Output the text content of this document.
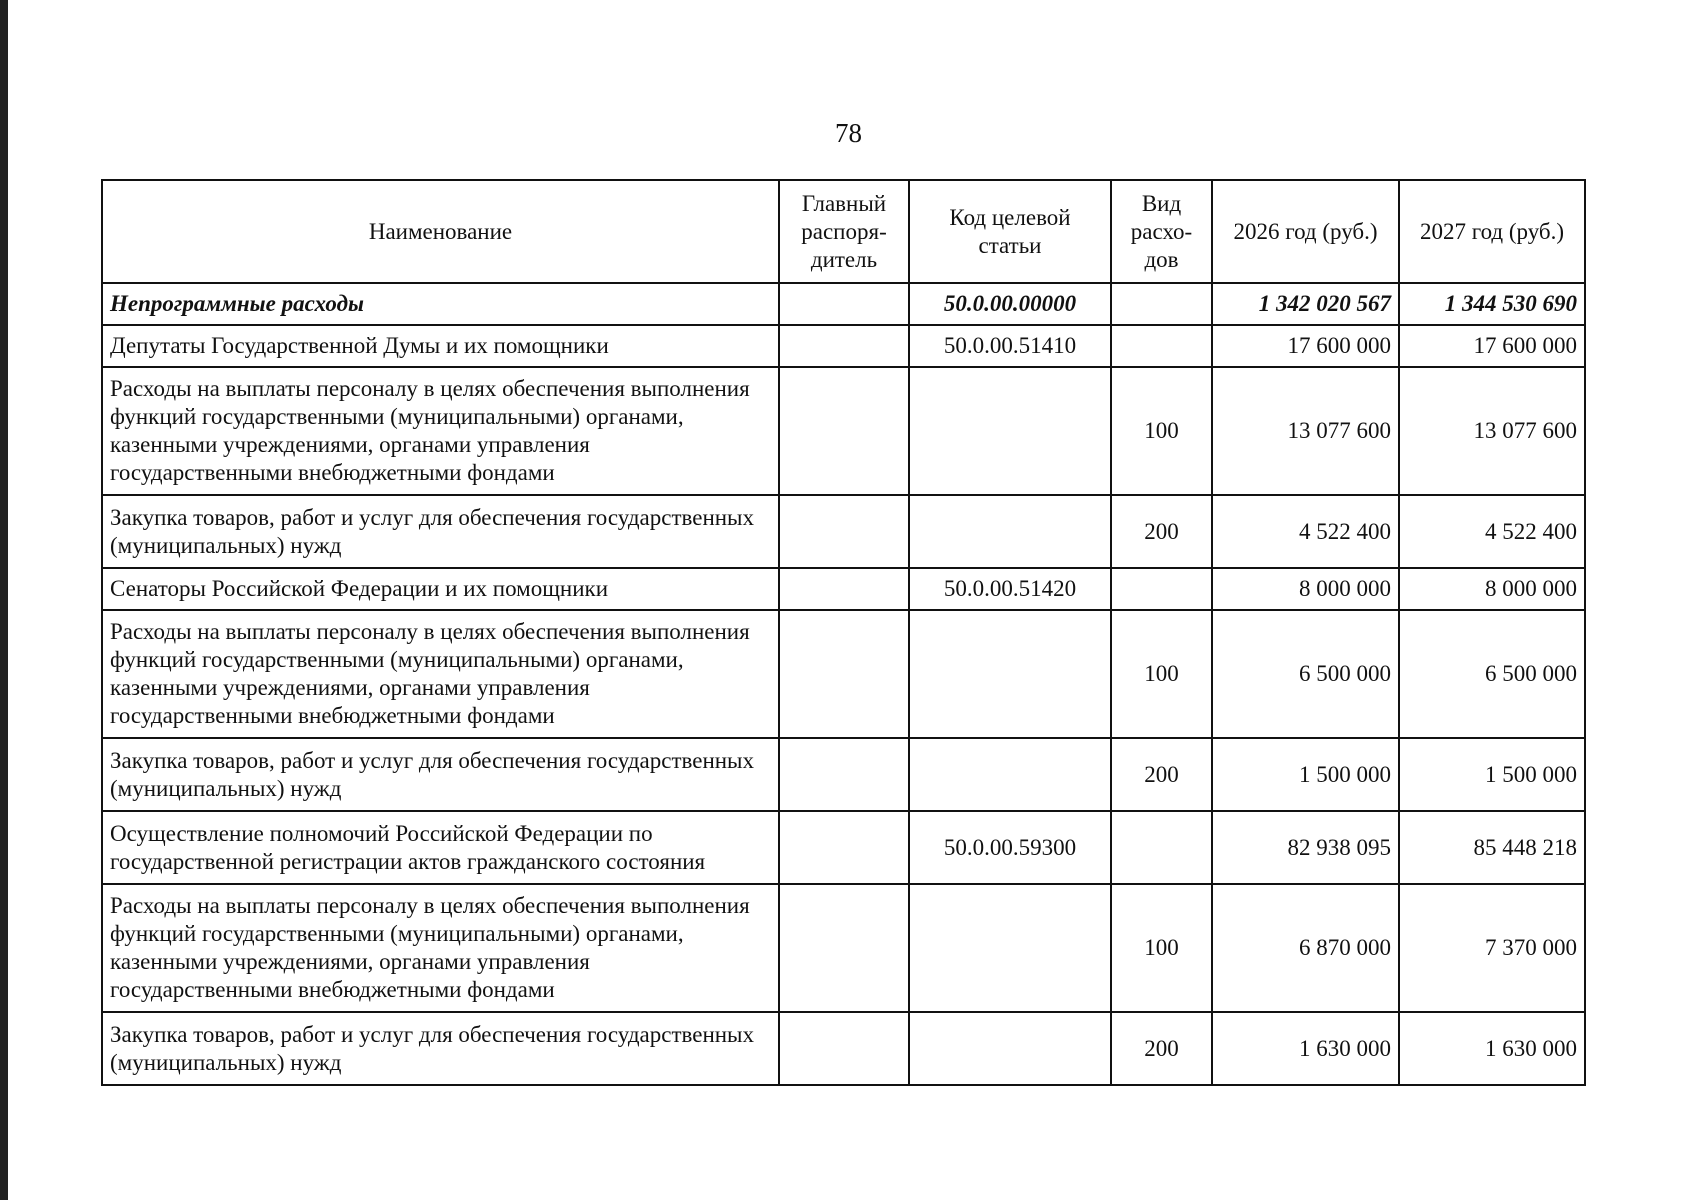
78
Наименование	Главный распоря-дитель	Код целевой статьи	Вид расхо-дов	2026 год (руб.)	2027 год (руб.)
Непрограммные расходы		50.0.00.00000		1 342 020 567	1 344 530 690
Депутаты Государственной Думы и их помощники		50.0.00.51410		17 600 000	17 600 000
Расходы на выплаты персоналу в целях обеспечения выполнения функций государственными (муниципальными) органами, казенными учреждениями, органами управления государственными внебюджетными фондами			100	13 077 600	13 077 600
Закупка товаров, работ и услуг для обеспечения государственных (муниципальных) нужд			200	4 522 400	4 522 400
Сенаторы Российской Федерации и их помощники		50.0.00.51420		8 000 000	8 000 000
Расходы на выплаты персоналу в целях обеспечения выполнения функций государственными (муниципальными) органами, казенными учреждениями, органами управления государственными внебюджетными фондами			100	6 500 000	6 500 000
Закупка товаров, работ и услуг для обеспечения государственных (муниципальных) нужд			200	1 500 000	1 500 000
Осуществление полномочий Российской Федерации по государственной регистрации актов гражданского состояния		50.0.00.59300		82 938 095	85 448 218
Расходы на выплаты персоналу в целях обеспечения выполнения функций государственными (муниципальными) органами, казенными учреждениями, органами управления государственными внебюджетными фондами			100	6 870 000	7 370 000
Закупка товаров, работ и услуг для обеспечения государственных (муниципальных) нужд			200	1 630 000	1 630 000
